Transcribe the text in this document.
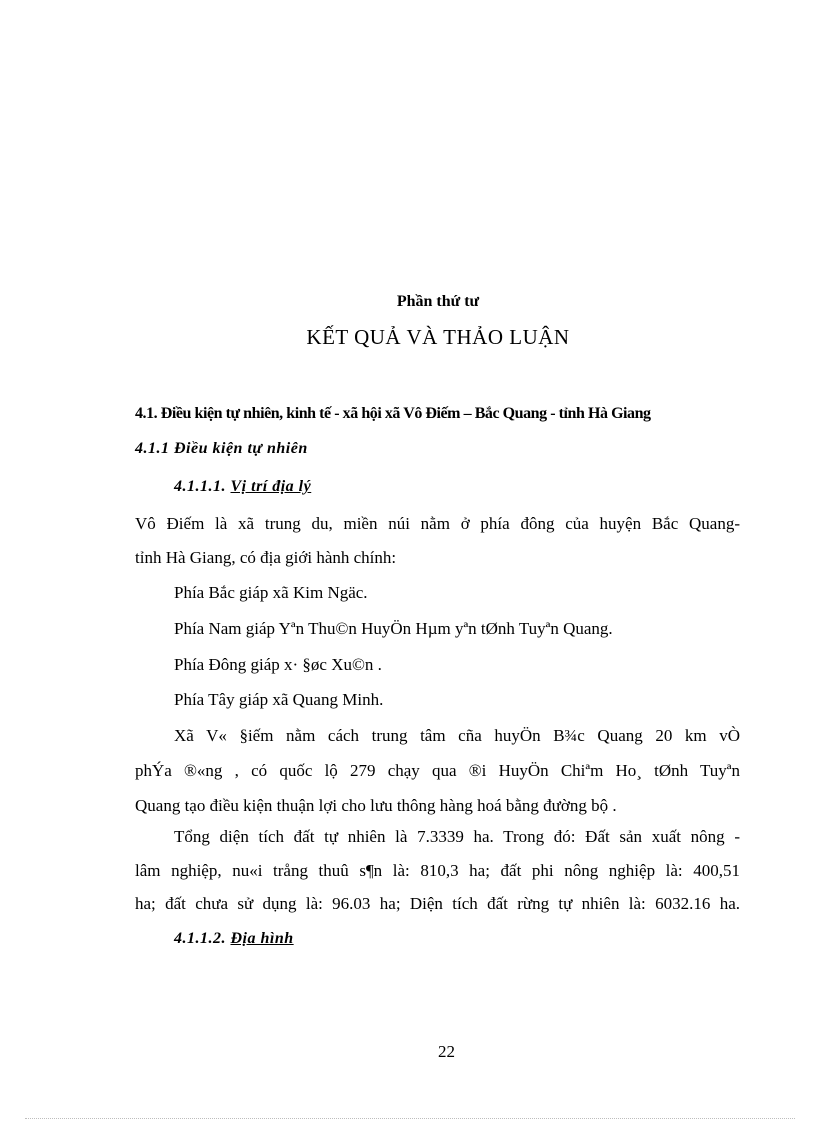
Phần thứ tư
KẾT QUẢ VÀ THẢO LUẬN
4.1. Điều kiện tự nhiên, kinh tế - xã hội xã Vô Điếm – Bắc Quang - tỉnh Hà Giang
4.1.1 Điều kiện tự nhiên
4.1.1.1. Vị trí địa lý
Vô Điếm là xã trung du, miền núi nằm ở phía đông của huyện Bắc Quang-
tỉnh Hà Giang, có địa giới hành chính:
Phía Bắc giáp xã Kim Ngäc.
Phía Nam giáp Yªn Thu©n HuyÖn Hµm yªn tØnh Tuyªn Quang.
Phía Đông giáp x· §øc Xu©n .
Phía Tây giáp xã Quang Minh.
Xã V« §iếm nằm cách trung tâm cña huyÖn B¾c Quang 20 km vÒ
phÝa ®«ng , có quốc lộ 279 chạy qua ®i HuyÖn Chiªm Ho¸ tØnh Tuyªn
Quang tạo điều kiện thuận lợi cho lưu thông hàng hoá bằng đường bộ .
Tổng diện tích đất tự nhiên là 7.3339 ha. Trong đó: Đất sản xuất nông -
lâm nghiệp, nu«i trång thuû s¶n là: 810,3 ha; đất phi nông nghiệp là: 400,51
ha; đất chưa sử dụng là: 96.03 ha; Diện tích đất rừng tự nhiên là: 6032.16 ha.
4.1.1.2. Địa hình
22
